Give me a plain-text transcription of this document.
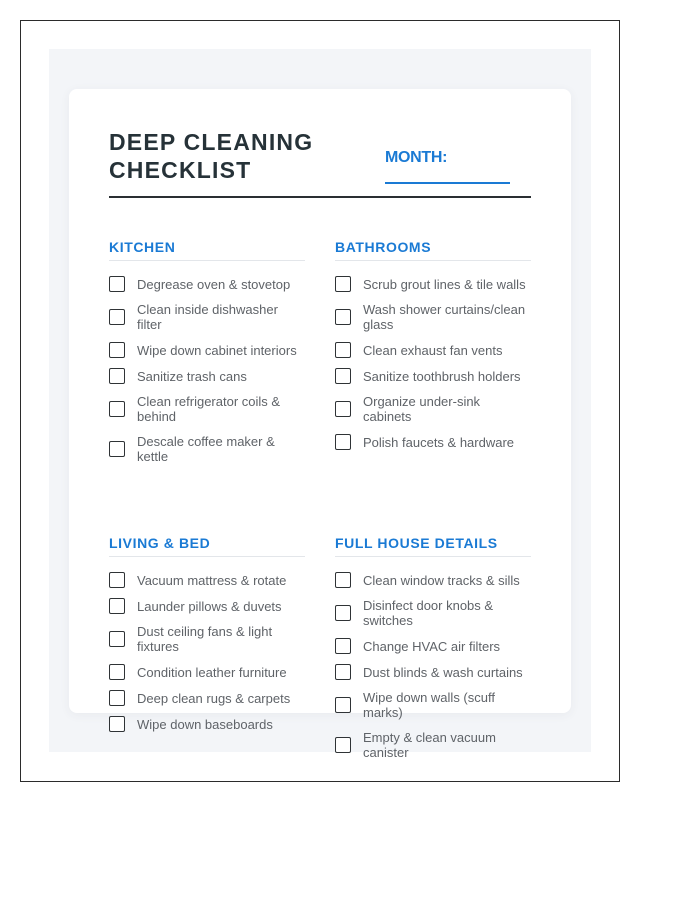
DEEP CLEANING
CHECKLIST	MONTH:
KITCHEN
Degrease oven & stovetop
Clean inside dishwasher filter
Wipe down cabinet interiors
Sanitize trash cans
Clean refrigerator coils & behind
Descale coffee maker & kettle
BATHROOMS
Scrub grout lines & tile walls
Wash shower curtains/clean glass
Clean exhaust fan vents
Sanitize toothbrush holders
Organize under-sink cabinets
Polish faucets & hardware
LIVING & BED
Vacuum mattress & rotate
Launder pillows & duvets
Dust ceiling fans & light fixtures
Condition leather furniture
Deep clean rugs & carpets
Wipe down baseboards
FULL HOUSE DETAILS
Clean window tracks & sills
Disinfect door knobs & switches
Change HVAC air filters
Dust blinds & wash curtains
Wipe down walls (scuff marks)
Empty & clean vacuum canister
